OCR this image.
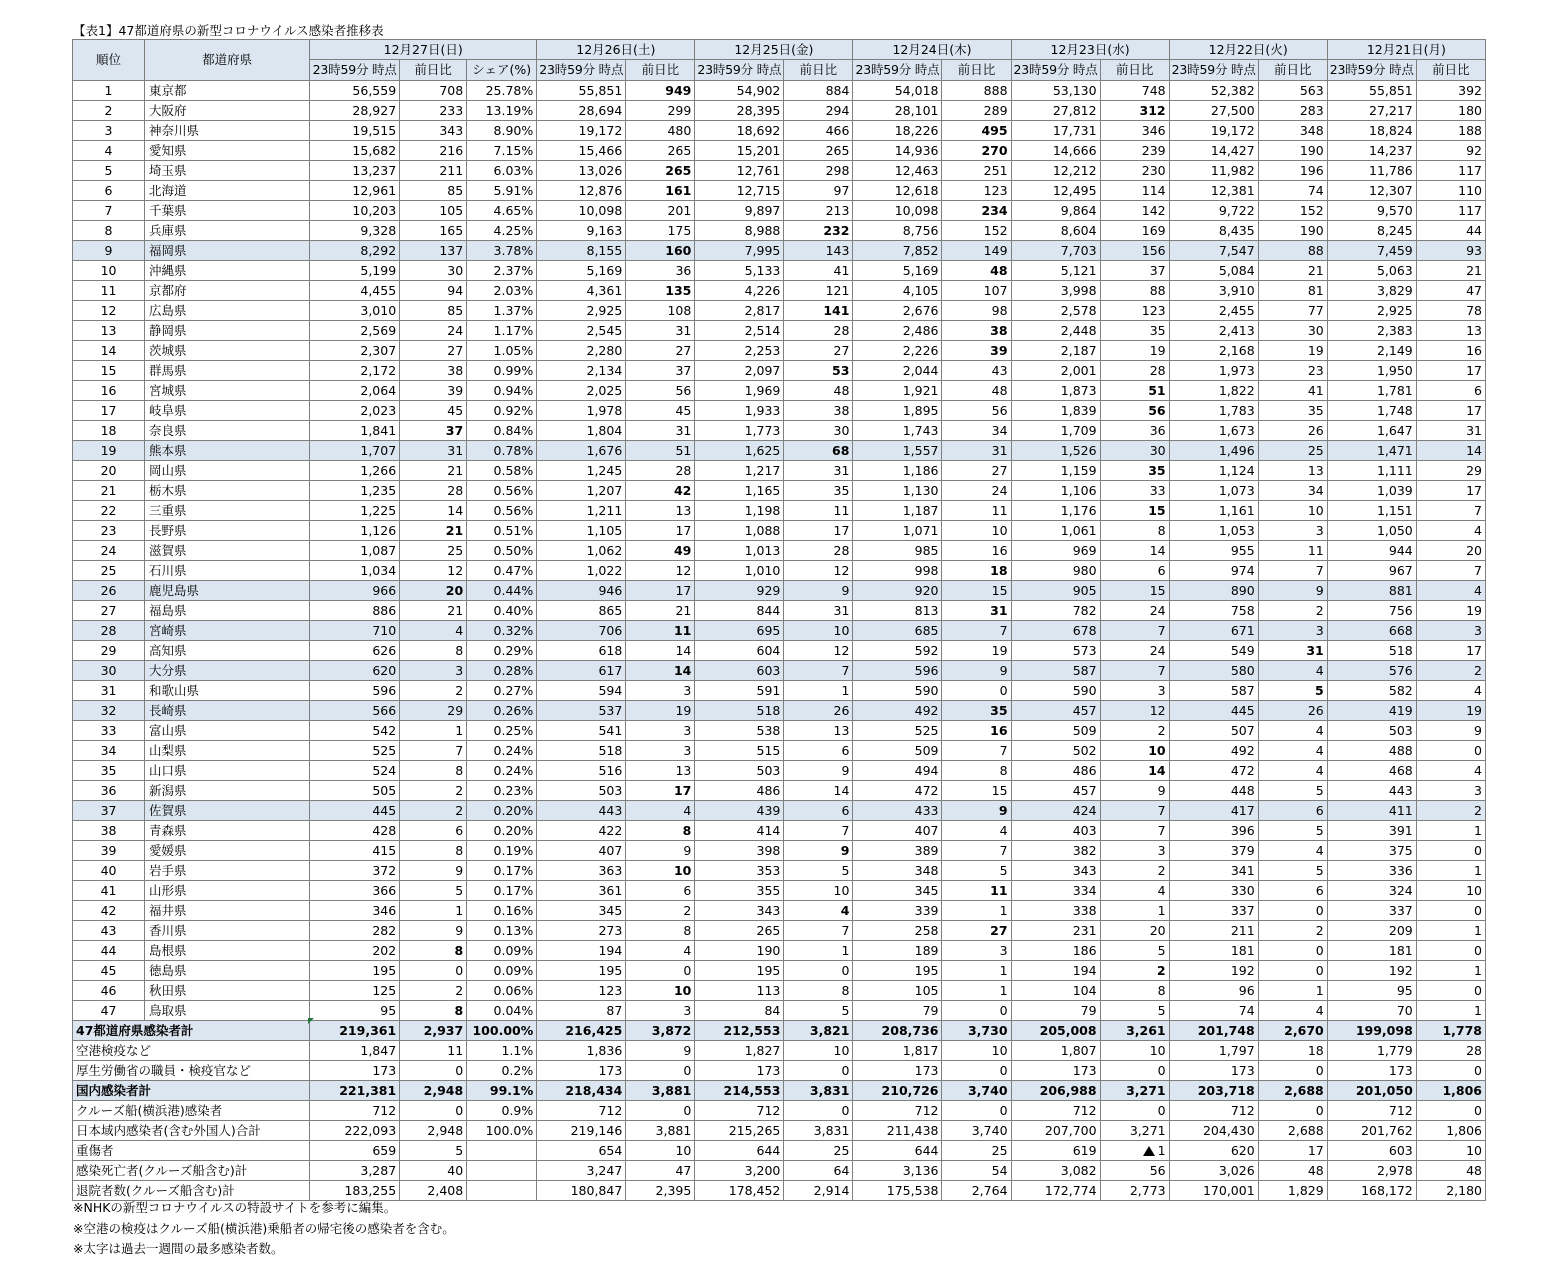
【表1】47都道府県の新型コロナウイルス感染者推移表
順位	都道府県	12月27日(日)			12月26日(土)		12月25日(金)		12月24日(木)		12月23日(水)		12月22日(火)		12月21日(月)	
		23時59分 時点	前日比	シェア(%)	23時59分 時点	前日比	23時59分 時点	前日比	23時59分 時点	前日比	23時59分 時点	前日比	23時59分 時点	前日比	23時59分 時点	前日比
1	東京都	56,559	708	25.78%	55,851	949	54,902	884	54,018	888	53,130	748	52,382	563	55,851	392
2	大阪府	28,927	233	13.19%	28,694	299	28,395	294	28,101	289	27,812	312	27,500	283	27,217	180
3	神奈川県	19,515	343	8.90%	19,172	480	18,692	466	18,226	495	17,731	346	19,172	348	18,824	188
4	愛知県	15,682	216	7.15%	15,466	265	15,201	265	14,936	270	14,666	239	14,427	190	14,237	92
5	埼玉県	13,237	211	6.03%	13,026	265	12,761	298	12,463	251	12,212	230	11,982	196	11,786	117
6	北海道	12,961	85	5.91%	12,876	161	12,715	97	12,618	123	12,495	114	12,381	74	12,307	110
7	千葉県	10,203	105	4.65%	10,098	201	9,897	213	10,098	234	9,864	142	9,722	152	9,570	117
8	兵庫県	9,328	165	4.25%	9,163	175	8,988	232	8,756	152	8,604	169	8,435	190	8,245	44
9	福岡県	8,292	137	3.78%	8,155	160	7,995	143	7,852	149	7,703	156	7,547	88	7,459	93
10	沖縄県	5,199	30	2.37%	5,169	36	5,133	41	5,169	48	5,121	37	5,084	21	5,063	21
11	京都府	4,455	94	2.03%	4,361	135	4,226	121	4,105	107	3,998	88	3,910	81	3,829	47
12	広島県	3,010	85	1.37%	2,925	108	2,817	141	2,676	98	2,578	123	2,455	77	2,925	78
13	静岡県	2,569	24	1.17%	2,545	31	2,514	28	2,486	38	2,448	35	2,413	30	2,383	13
14	茨城県	2,307	27	1.05%	2,280	27	2,253	27	2,226	39	2,187	19	2,168	19	2,149	16
15	群馬県	2,172	38	0.99%	2,134	37	2,097	53	2,044	43	2,001	28	1,973	23	1,950	17
16	宮城県	2,064	39	0.94%	2,025	56	1,969	48	1,921	48	1,873	51	1,822	41	1,781	6
17	岐阜県	2,023	45	0.92%	1,978	45	1,933	38	1,895	56	1,839	56	1,783	35	1,748	17
18	奈良県	1,841	37	0.84%	1,804	31	1,773	30	1,743	34	1,709	36	1,673	26	1,647	31
19	熊本県	1,707	31	0.78%	1,676	51	1,625	68	1,557	31	1,526	30	1,496	25	1,471	14
20	岡山県	1,266	21	0.58%	1,245	28	1,217	31	1,186	27	1,159	35	1,124	13	1,111	29
21	栃木県	1,235	28	0.56%	1,207	42	1,165	35	1,130	24	1,106	33	1,073	34	1,039	17
22	三重県	1,225	14	0.56%	1,211	13	1,198	11	1,187	11	1,176	15	1,161	10	1,151	7
23	長野県	1,126	21	0.51%	1,105	17	1,088	17	1,071	10	1,061	8	1,053	3	1,050	4
24	滋賀県	1,087	25	0.50%	1,062	49	1,013	28	985	16	969	14	955	11	944	20
25	石川県	1,034	12	0.47%	1,022	12	1,010	12	998	18	980	6	974	7	967	7
26	鹿児島県	966	20	0.44%	946	17	929	9	920	15	905	15	890	9	881	4
27	福島県	886	21	0.40%	865	21	844	31	813	31	782	24	758	2	756	19
28	宮崎県	710	4	0.32%	706	11	695	10	685	7	678	7	671	3	668	3
29	高知県	626	8	0.29%	618	14	604	12	592	19	573	24	549	31	518	17
30	大分県	620	3	0.28%	617	14	603	7	596	9	587	7	580	4	576	2
31	和歌山県	596	2	0.27%	594	3	591	1	590	0	590	3	587	5	582	4
32	長崎県	566	29	0.26%	537	19	518	26	492	35	457	12	445	26	419	19
33	富山県	542	1	0.25%	541	3	538	13	525	16	509	2	507	4	503	9
34	山梨県	525	7	0.24%	518	3	515	6	509	7	502	10	492	4	488	0
35	山口県	524	8	0.24%	516	13	503	9	494	8	486	14	472	4	468	4
36	新潟県	505	2	0.23%	503	17	486	14	472	15	457	9	448	5	443	3
37	佐賀県	445	2	0.20%	443	4	439	6	433	9	424	7	417	6	411	2
38	青森県	428	6	0.20%	422	8	414	7	407	4	403	7	396	5	391	1
39	愛媛県	415	8	0.19%	407	9	398	9	389	7	382	3	379	4	375	0
40	岩手県	372	9	0.17%	363	10	353	5	348	5	343	2	341	5	336	1
41	山形県	366	5	0.17%	361	6	355	10	345	11	334	4	330	6	324	10
42	福井県	346	1	0.16%	345	2	343	4	339	1	338	1	337	0	337	0
43	香川県	282	9	0.13%	273	8	265	7	258	27	231	20	211	2	209	1
44	島根県	202	8	0.09%	194	4	190	1	189	3	186	5	181	0	181	0
45	徳島県	195	0	0.09%	195	0	195	0	195	1	194	2	192	0	192	1
46	秋田県	125	2	0.06%	123	10	113	8	105	1	104	8	96	1	95	0
47	鳥取県	95	8	0.04%	87	3	84	5	79	0	79	5	74	4	70	1
47都道府県感染者計		219,361	2,937	100.00%	216,425	3,872	212,553	3,821	208,736	3,730	205,008	3,261	201,748	2,670	199,098	1,778
空港検疫など		1,847	11	1.1%	1,836	9	1,827	10	1,817	10	1,807	10	1,797	18	1,779	28
厚生労働省の職員・検疫官など		173	0	0.2%	173	0	173	0	173	0	173	0	173	0	173	0
国内感染者計		221,381	2,948	99.1%	218,434	3,881	214,553	3,831	210,726	3,740	206,988	3,271	203,718	2,688	201,050	1,806
クルーズ船(横浜港)感染者		712	0	0.9%	712	0	712	0	712	0	712	0	712	0	712	0
日本域内感染者(含む外国人)合計		222,093	2,948	100.0%	219,146	3,881	215,265	3,831	211,438	3,740	207,700	3,271	204,430	2,688	201,762	1,806
重傷者		659	5		654	10	644	25	644	25	619	1	620	17	603	10
感染死亡者(クルーズ船含む)計		3,287	40		3,247	47	3,200	64	3,136	54	3,082	56	3,026	48	2,978	48
退院者数(クルーズ船含む)計		183,255	2,408		180,847	2,395	178,452	2,914	175,538	2,764	172,774	2,773	170,001	1,829	168,172	2,180
※NHKの新型コロナウイルスの特設サイトを参考に編集。
※空港の検疫はクルーズ船(横浜港)乗船者の帰宅後の感染者を含む。
※太字は過去一週間の最多感染者数。
